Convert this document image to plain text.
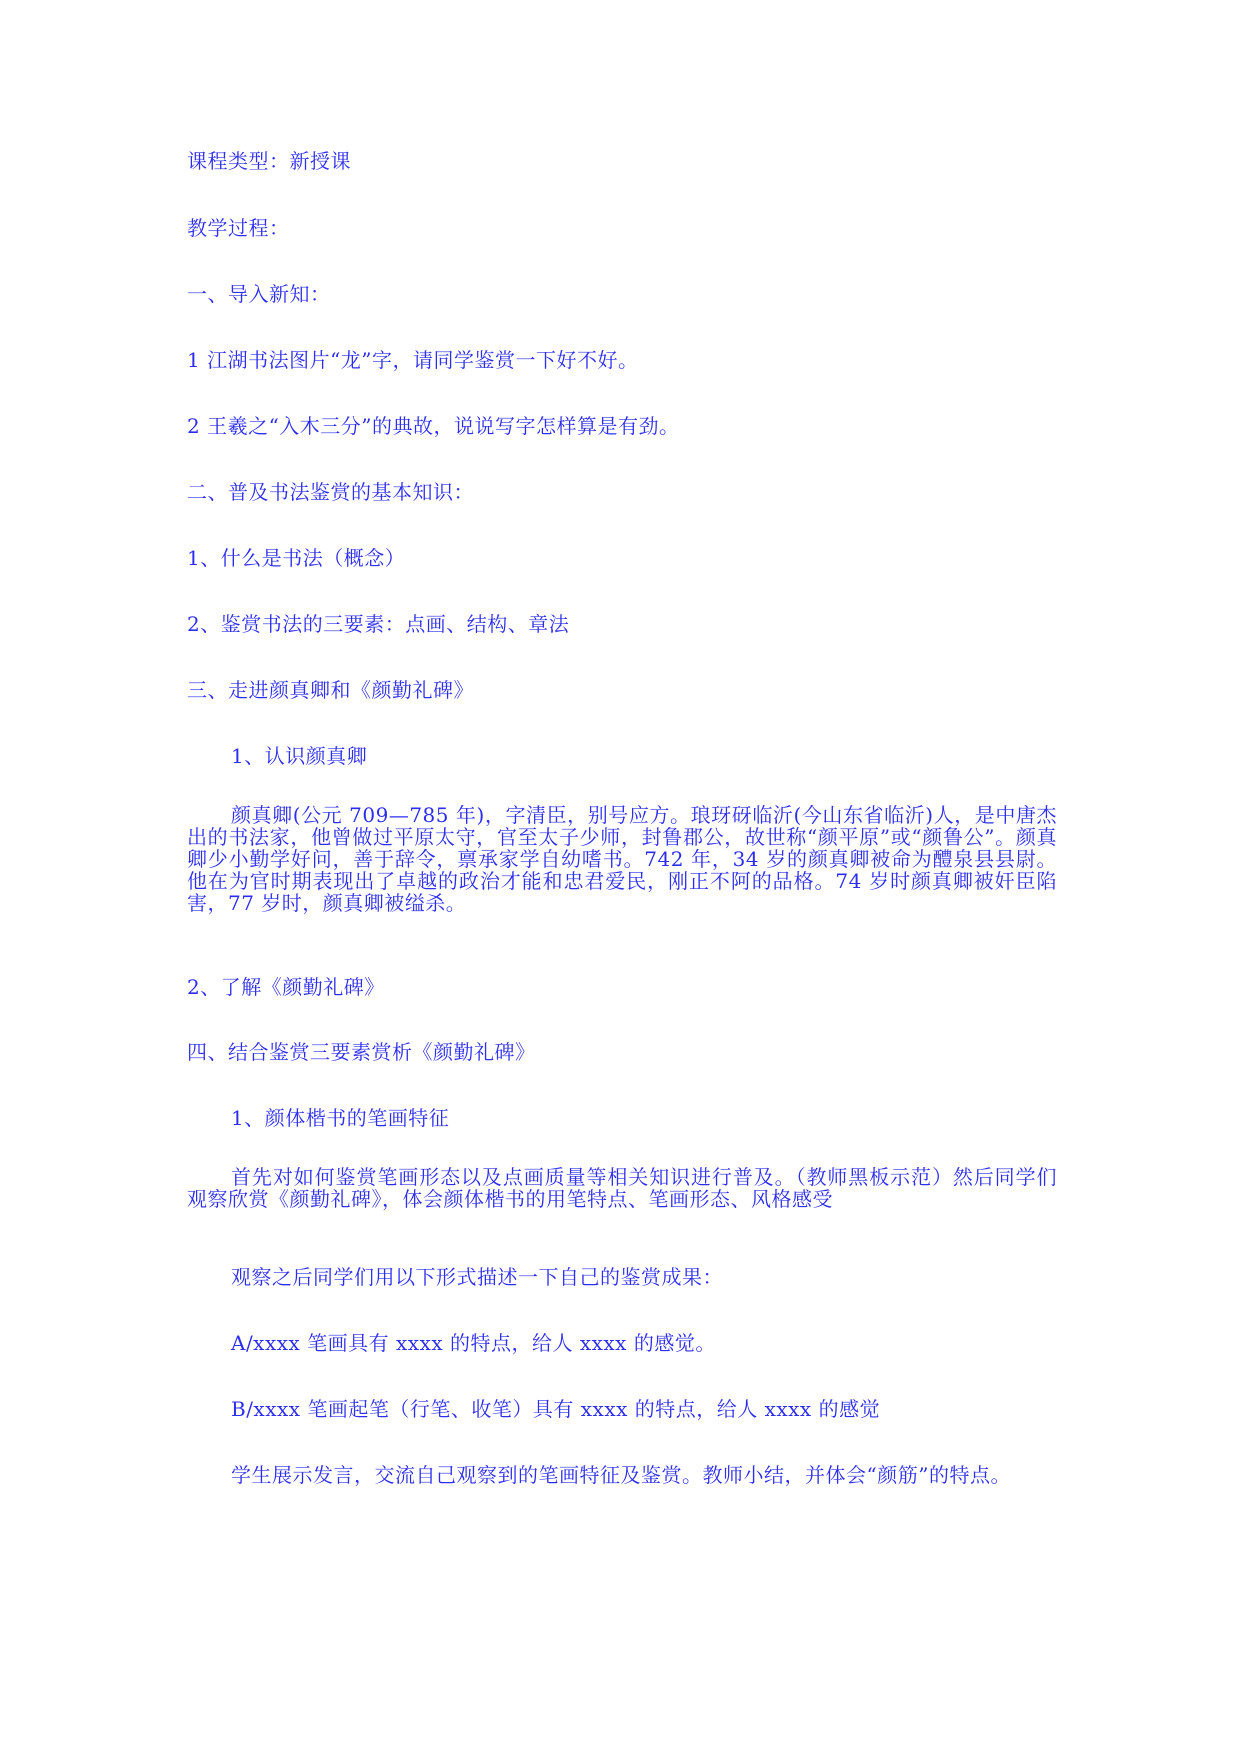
课程类型：新授课
教学过程：
一、导入新知：
1 江湖书法图片“龙”字，请同学鉴赏一下好不好。
2 王羲之“入木三分”的典故，说说写字怎样算是有劲。
二、普及书法鉴赏的基本知识：
1、什么是书法（概念）
2、鉴赏书法的三要素：点画、结构、章法
三、走进颜真卿和《颜勤礼碑》
1、认识颜真卿

颜真卿(公元 709—785 年)，字清臣，别号应方。琅玡砑临沂(今山东省临沂)人，是中唐杰出的书法家，他曾做过平原太守，官至太子少师，封鲁郡公，故世称“颜平原”或“颜鲁公”。颜真卿少小勤学好问，善于辞令，禀承家学自幼嗜书。742 年，34 岁的颜真卿被命为醴泉县县尉。他在为官时期表现出了卓越的政治才能和忠君爱民，刚正不阿的品格。74 岁时颜真卿被奸臣陷害，77 岁时，颜真卿被缢杀。

2、了解《颜勤礼碑》
四、结合鉴赏三要素赏析《颜勤礼碑》
1、颜体楷书的笔画特征

首先对如何鉴赏笔画形态以及点画质量等相关知识进行普及。（教师黑板示范）然后同学们观察欣赏《颜勤礼碑》，体会颜体楷书的用笔特点、笔画形态、风格感受

观察之后同学们用以下形式描述一下自己的鉴赏成果：
A/xxxx 笔画具有 xxxx 的特点，给人 xxxx 的感觉。
B/xxxx 笔画起笔（行笔、收笔）具有 xxxx 的特点，给人 xxxx 的感觉
学生展示发言，交流自己观察到的笔画特征及鉴赏。教师小结，并体会“颜筋”的特点。
